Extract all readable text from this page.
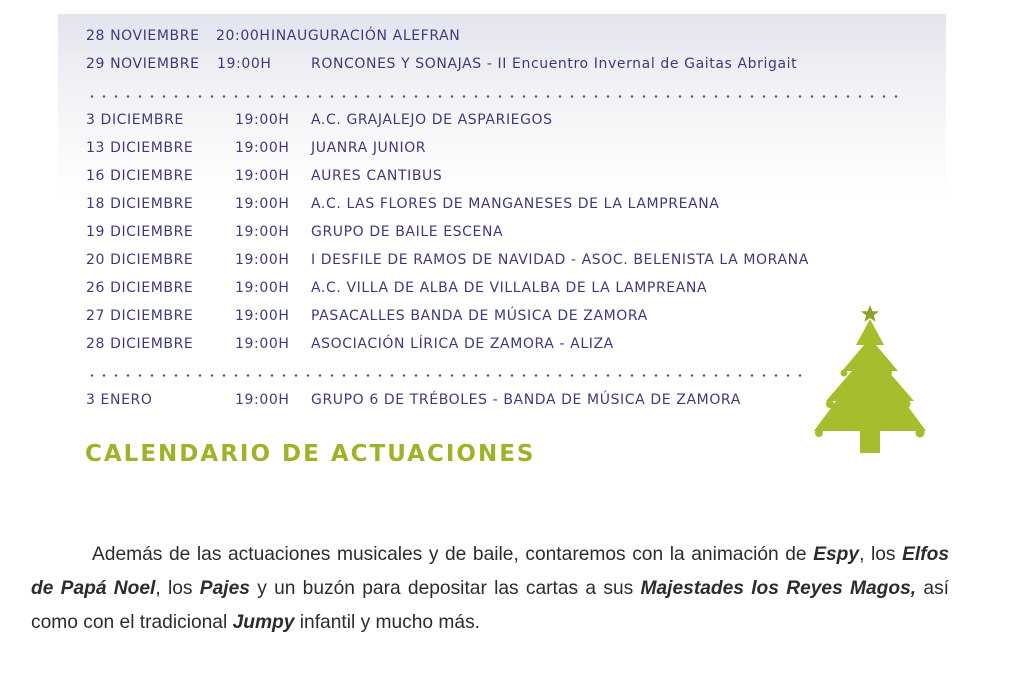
28 NOVIEMBRE 20:00H INAUGURACIÓN ALEFRAN
29 NOVIEMBRE 19:00H	RONCONES Y SONAJAS - II Encuentro Invernal de Gaitas Abrigait
3 DICIEMBRE	19:00H A.C. GRAJALEJO DE ASPARIEGOS
13 DICIEMBRE	19:00H JUANRA JUNIOR
16 DICIEMBRE	19:00H AURES CANTIBUS
18 DICIEMBRE	19:00H A.C. LAS FLORES DE MANGANESES DE LA LAMPREANA
19 DICIEMBRE	19:00H GRUPO DE BAILE ESCENA
20 DICIEMBRE	19:00H I DESFILE DE RAMOS DE NAVIDAD - ASOC. BELENISTA LA MORANA
26 DICIEMBRE	19:00H A.C. VILLA DE ALBA DE VILLALBA DE LA LAMPREANA
27 DICIEMBRE	19:00H PASACALLES BANDA DE MÚSICA DE ZAMORA
28 DICIEMBRE	19:00H ASOCIACIÓN LÍRICA DE ZAMORA - ALIZA
3 ENERO	19:00H GRUPO 6 DE TRÉBOLES - BANDA DE MÚSICA DE ZAMORA
CALENDARIO DE ACTUACIONES

Además de las actuaciones musicales y de baile, contaremos con la animación de Espy, los Elfos de Papá Noel, los Pajes y un buzón para depositar las cartas a sus Majestades los Reyes Magos, así como con el tradicional Jumpy infantil y mucho más.
